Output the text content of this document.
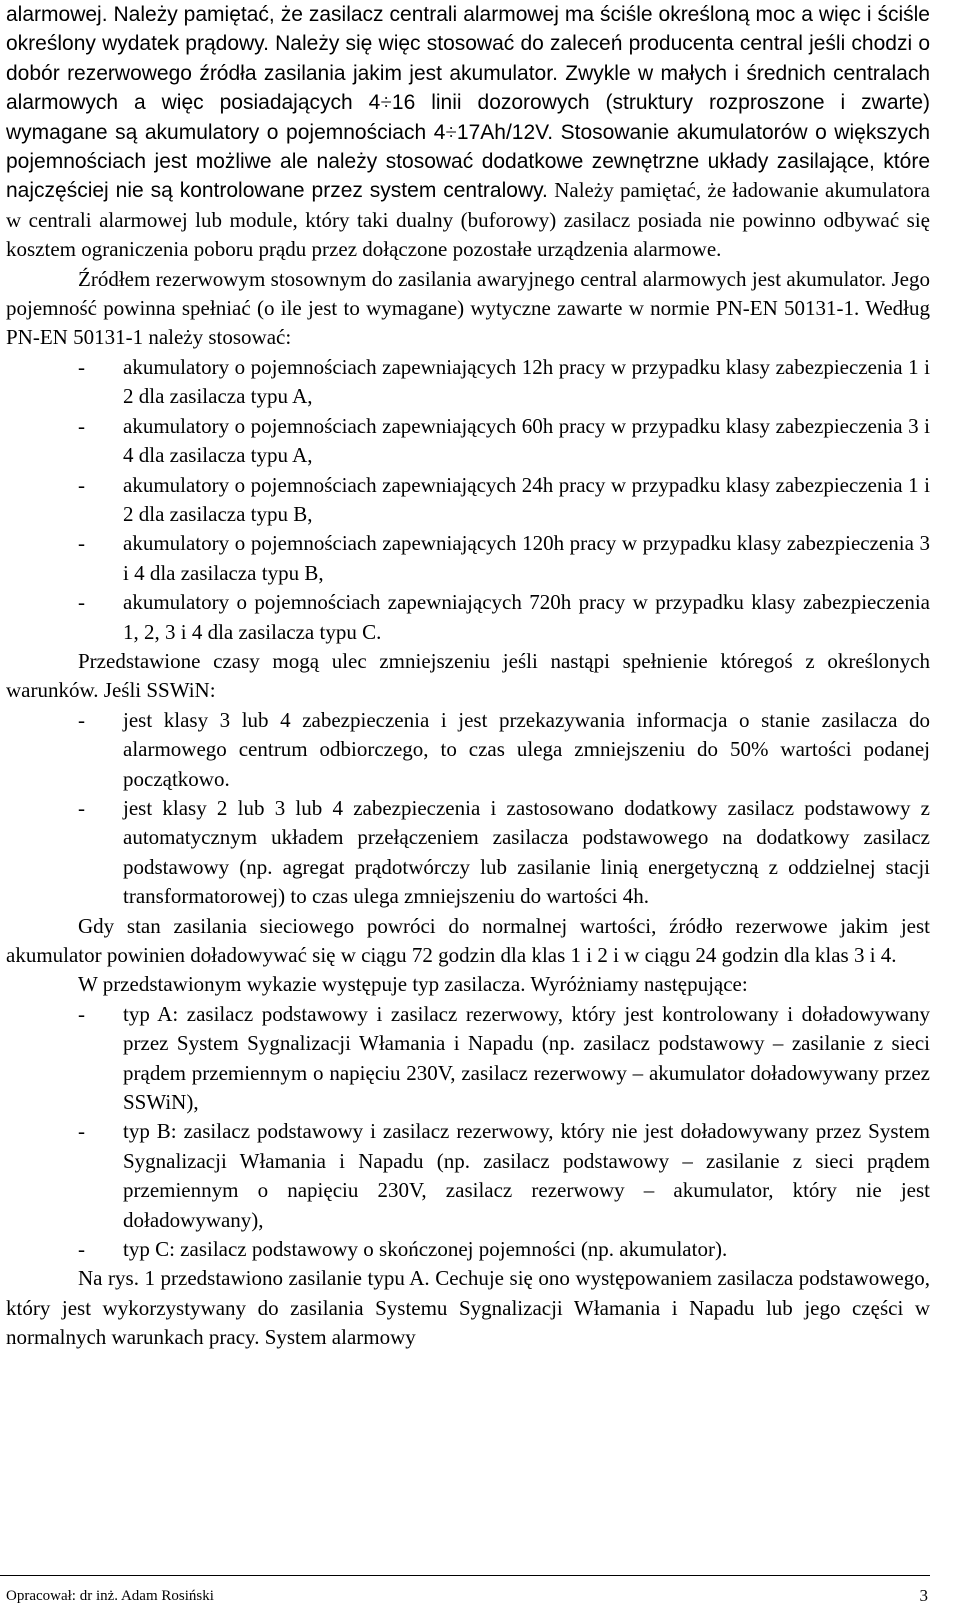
alarmowej. Należy pamiętać, że zasilacz centrali alarmowej ma ściśle określoną moc a więc i ściśle określony wydatek prądowy. Należy się więc stosować do zaleceń producenta central jeśli chodzi o dobór rezerwowego źródła zasilania jakim jest akumulator. Zwykle w małych i średnich centralach alarmowych a więc posiadających 4÷16 linii dozorowych (struktury rozproszone i zwarte) wymagane są akumulatory o pojemnościach 4÷17Ah/12V. Stosowanie akumulatorów o większych pojemnościach jest możliwe ale należy stosować dodatkowe zewnętrzne układy zasilające, które najczęściej nie są kontrolowane przez system centralowy. Należy pamiętać, że ładowanie akumulatora w centrali alarmowej lub module, który taki dualny (buforowy) zasilacz posiada nie powinno odbywać się kosztem ograniczenia poboru prądu przez dołączone pozostałe urządzenia alarmowe.

Źródłem rezerwowym stosownym do zasilania awaryjnego central alarmowych jest akumulator. Jego pojemność powinna spełniać (o ile jest to wymagane) wytyczne zawarte w normie PN-EN 50131-1. Według PN-EN 50131-1 należy stosować:

- akumulatory o pojemnościach zapewniających 12h pracy w przypadku klasy zabezpieczenia 1 i 2 dla zasilacza typu A,
- akumulatory o pojemnościach zapewniających 60h pracy w przypadku klasy zabezpieczenia 3 i 4 dla zasilacza typu A,
- akumulatory o pojemnościach zapewniających 24h pracy w przypadku klasy zabezpieczenia 1 i 2 dla zasilacza typu B,
- akumulatory o pojemnościach zapewniających 120h pracy w przypadku klasy zabezpieczenia 3 i 4 dla zasilacza typu B,
- akumulatory o pojemnościach zapewniających 720h pracy w przypadku klasy zabezpieczenia 1, 2, 3 i 4 dla zasilacza typu C.

Przedstawione czasy mogą ulec zmniejszeniu jeśli nastąpi spełnienie któregoś z określonych warunków. Jeśli SSWiN:

- jest klasy 3 lub 4 zabezpieczenia i jest przekazywania informacja o stanie zasilacza do alarmowego centrum odbiorczego, to czas ulega zmniejszeniu do 50% wartości podanej początkowo.
- jest klasy 2 lub 3 lub 4 zabezpieczenia i zastosowano dodatkowy zasilacz podstawowy z automatycznym układem przełączeniem zasilacza podstawowego na dodatkowy zasilacz podstawowy (np. agregat prądotwórczy lub zasilanie linią energetyczną z oddzielnej stacji transformatorowej) to czas ulega zmniejszeniu do wartości 4h.

Gdy stan zasilania sieciowego powróci do normalnej wartości, źródło rezerwowe jakim jest akumulator powinien doładowywać się w ciągu 72 godzin dla klas 1 i 2 i w ciągu 24 godzin dla klas 3 i 4.

W przedstawionym wykazie występuje typ zasilacza. Wyróżniamy następujące:

- typ A: zasilacz podstawowy i zasilacz rezerwowy, który jest kontrolowany i doładowywany przez System Sygnalizacji Włamania i Napadu (np. zasilacz podstawowy – zasilanie z sieci prądem przemiennym o napięciu 230V, zasilacz rezerwowy – akumulator doładowywany przez SSWiN),
- typ B: zasilacz podstawowy i zasilacz rezerwowy, który nie jest doładowywany przez System Sygnalizacji Włamania i Napadu (np. zasilacz podstawowy – zasilanie z sieci prądem przemiennym o napięciu 230V, zasilacz rezerwowy – akumulator, który nie jest doładowywany),
- typ C: zasilacz podstawowy o skończonej pojemności (np. akumulator).

Na rys. 1 przedstawiono zasilanie typu A. Cechuje się ono występowaniem zasilacza podstawowego, który jest wykorzystywany do zasilania Systemu Sygnalizacji Włamania i Napadu lub jego części w normalnych warunkach pracy. System alarmowy

Opracował: dr inż. Adam Rosiński	3
